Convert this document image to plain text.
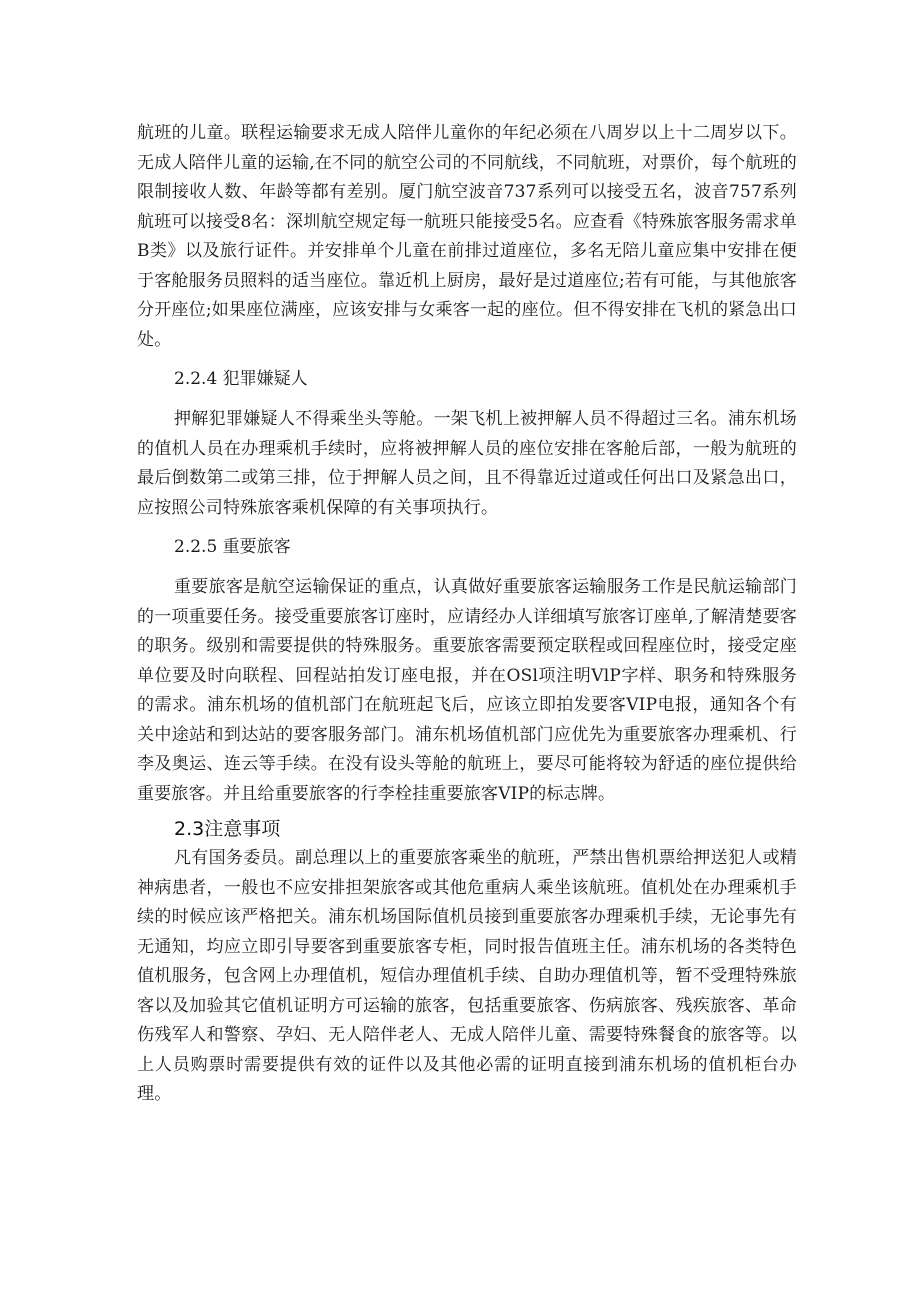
航班的儿童。联程运输要求无成人陪伴儿童你的年纪必须在八周岁以上十二周岁以下。无成人陪伴儿童的运输,在不同的航空公司的不同航线，不同航班，对票价，每个航班的限制接收人数、年龄等都有差别。厦门航空波音737系列可以接受五名，波音757系列航班可以接受8名：深圳航空规定每一航班只能接受5名。应查看《特殊旅客服务需求单B类》以及旅行证件。并安排单个儿童在前排过道座位，多名无陪儿童应集中安排在便于客舱服务员照料的适当座位。靠近机上厨房，最好是过道座位;若有可能，与其他旅客分开座位;如果座位满座，应该安排与女乘客一起的座位。但不得安排在飞机的紧急出口处。

2.2.4 犯罪嫌疑人

押解犯罪嫌疑人不得乘坐头等舱。一架飞机上被押解人员不得超过三名。浦东机场的值机人员在办理乘机手续时，应将被押解人员的座位安排在客舱后部，一般为航班的最后倒数第二或第三排，位于押解人员之间，且不得靠近过道或任何出口及紧急出口，应按照公司特殊旅客乘机保障的有关事项执行。

2.2.5 重要旅客

重要旅客是航空运输保证的重点，认真做好重要旅客运输服务工作是民航运输部门的一项重要任务。接受重要旅客订座时，应请经办人详细填写旅客订座单,了解清楚要客的职务。级别和需要提供的特殊服务。重要旅客需要预定联程或回程座位时，接受定座单位要及时向联程、回程站拍发订座电报，并在OSl项注明VlP字样、职务和特殊服务的需求。浦东机场的值机部门在航班起飞后，应该立即拍发要客VIP电报，通知各个有关中途站和到达站的要客服务部门。浦东机场值机部门应优先为重要旅客办理乘机、行李及奥运、连云等手续。在没有设头等舱的航班上，要尽可能将较为舒适的座位提供给重要旅客。并且给重要旅客的行李栓挂重要旅客VIP的标志牌。

2.3注意事项

凡有国务委员。副总理以上的重要旅客乘坐的航班，严禁出售机票给押送犯人或精神病患者，一般也不应安排担架旅客或其他危重病人乘坐该航班。值机处在办理乘机手续的时候应该严格把关。浦东机场国际值机员接到重要旅客办理乘机手续，无论事先有无通知，均应立即引导要客到重要旅客专柜，同时报告值班主任。浦东机场的各类特色值机服务，包含网上办理值机，短信办理值机手续、自助办理值机等，暂不受理特殊旅客以及加验其它值机证明方可运输的旅客，包括重要旅客、伤病旅客、残疾旅客、革命伤残军人和警察、孕妇、无人陪伴老人、无成人陪伴儿童、需要特殊餐食的旅客等。以上人员购票时需要提供有效的证件以及其他必需的证明直接到浦东机场的值机柜台办理。
